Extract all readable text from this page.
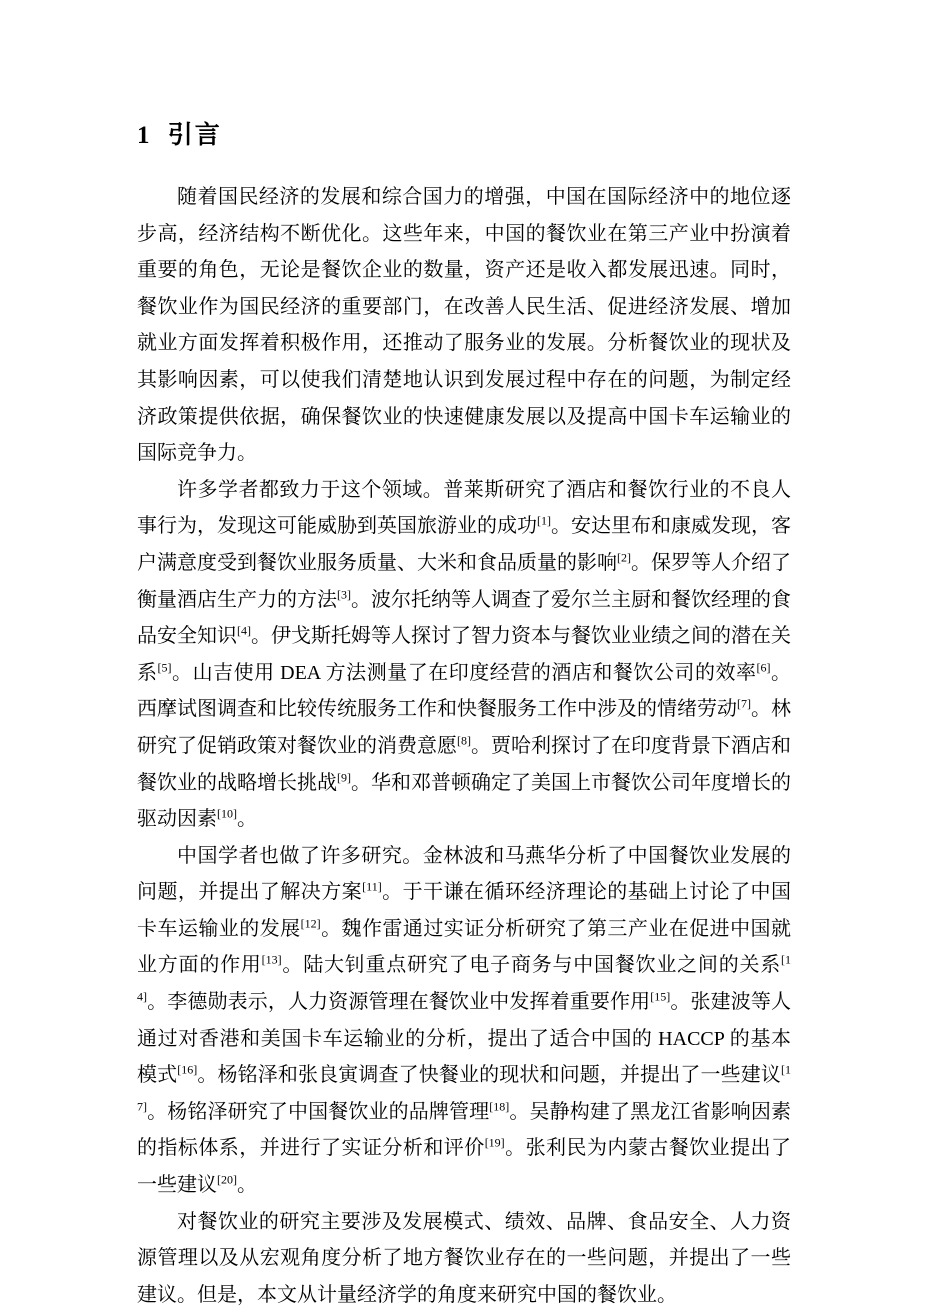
1 引言

随着国民经济的发展和综合国力的增强，中国在国际经济中的地位逐步高，经济结构不断优化。这些年来，中国的餐饮业在第三产业中扮演着重要的角色，无论是餐饮企业的数量，资产还是收入都发展迅速。同时，餐饮业作为国民经济的重要部门，在改善人民生活、促进经济发展、增加就业方面发挥着积极作用，还推动了服务业的发展。分析餐饮业的现状及其影响因素，可以使我们清楚地认识到发展过程中存在的问题，为制定经济政策提供依据，确保餐饮业的快速健康发展以及提高中国卡车运输业的国际竞争力。

许多学者都致力于这个领域。普莱斯研究了酒店和餐饮行业的不良人事行为，发现这可能威胁到英国旅游业的成功[1]。安达里布和康威发现，客户满意度受到餐饮业服务质量、大米和食品质量的影响[2]。保罗等人介绍了衡量酒店生产力的方法[3]。波尔托纳等人调查了爱尔兰主厨和餐饮经理的食品安全知识[4]。伊戈斯托姆等人探讨了智力资本与餐饮业业绩之间的潜在关系[5]。山吉使用 DEA 方法测量了在印度经营的酒店和餐饮公司的效率[6]。西摩试图调查和比较传统服务工作和快餐服务工作中涉及的情绪劳动[7]。林研究了促销政策对餐饮业的消费意愿[8]。贾哈利探讨了在印度背景下酒店和餐饮业的战略增长挑战[9]。华和邓普顿确定了美国上市餐饮公司年度增长的驱动因素[10]。

中国学者也做了许多研究。金林波和马燕华分析了中国餐饮业发展的问题，并提出了解决方案[11]。于干谦在循环经济理论的基础上讨论了中国卡车运输业的发展[12]。魏作雷通过实证分析研究了第三产业在促进中国就业方面的作用[13]。陆大钊重点研究了电子商务与中国餐饮业之间的关系[14]。李德勋表示，人力资源管理在餐饮业中发挥着重要作用[15]。张建波等人通过对香港和美国卡车运输业的分析，提出了适合中国的 HACCP 的基本模式[16]。杨铭泽和张良寅调查了快餐业的现状和问题，并提出了一些建议[17]。杨铭泽研究了中国餐饮业的品牌管理[18]。吴静构建了黑龙江省影响因素的指标体系，并进行了实证分析和评价[19]。张利民为内蒙古餐饮业提出了一些建议[20]。

对餐饮业的研究主要涉及发展模式、绩效、品牌、食品安全、人力资源管理以及从宏观角度分析了地方餐饮业存在的一些问题，并提出了一些建议。但是，本文从计量经济学的角度来研究中国的餐饮业。
